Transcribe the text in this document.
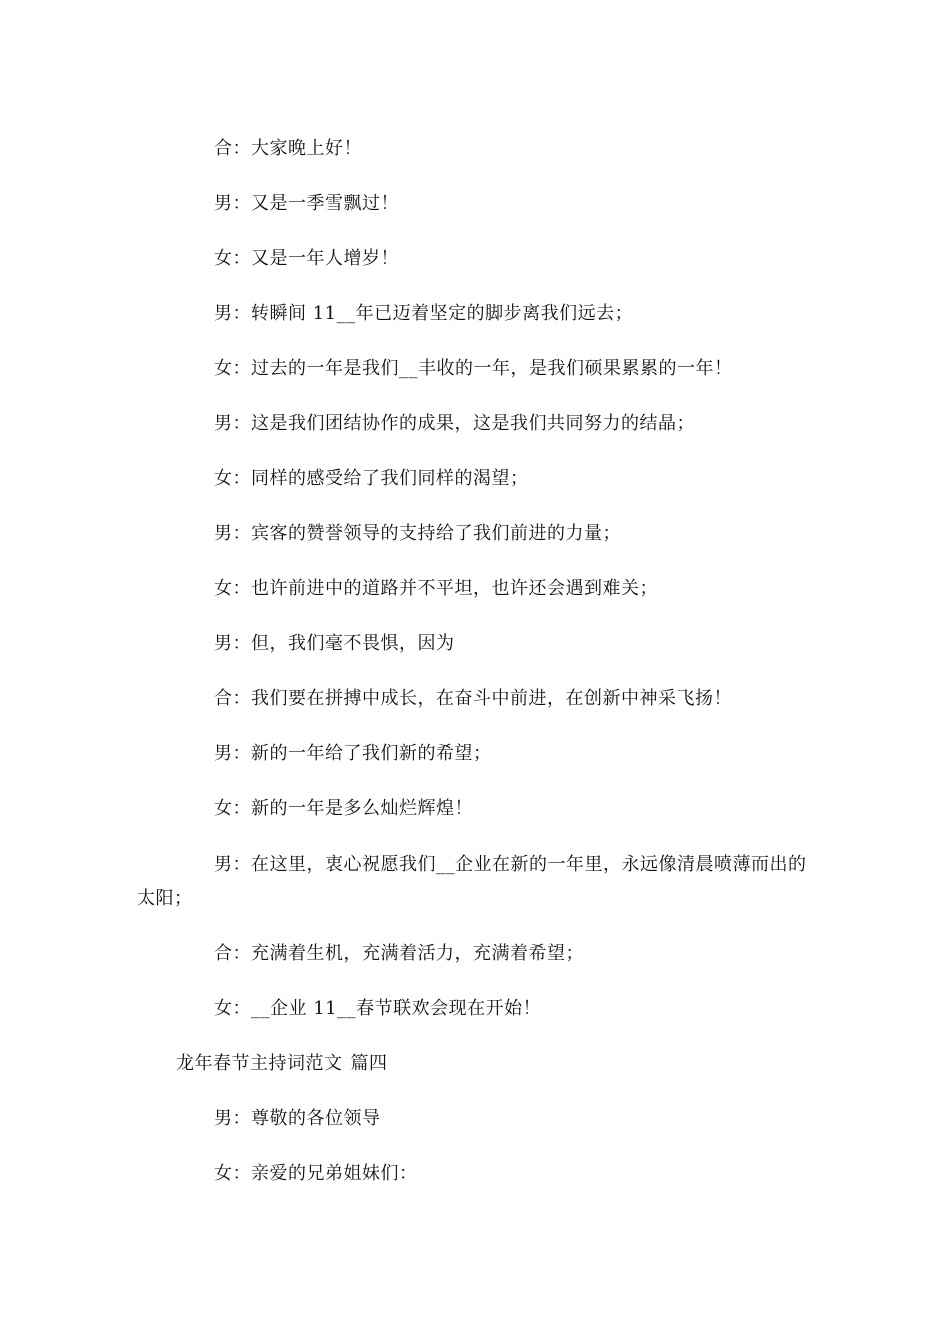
合：大家晚上好！
男：又是一季雪飘过！
女：又是一年人增岁！
男：转瞬间 11__年已迈着坚定的脚步离我们远去；
女：过去的一年是我们__丰收的一年，是我们硕果累累的一年！
男：这是我们团结协作的成果，这是我们共同努力的结晶；
女：同样的感受给了我们同样的渴望；
男：宾客的赞誉领导的支持给了我们前进的力量；
女：也许前进中的道路并不平坦，也许还会遇到难关；
男：但，我们毫不畏惧，因为
合：我们要在拼搏中成长，在奋斗中前进，在创新中神采飞扬！
男：新的一年给了我们新的希望；
女：新的一年是多么灿烂辉煌！
男：在这里，衷心祝愿我们__企业在新的一年里，永远像清晨喷薄而出的太阳；
合：充满着生机，充满着活力，充满着希望；
女：__企业 11__春节联欢会现在开始！
龙年春节主持词范文 篇四
男：尊敬的各位领导
女：亲爱的兄弟姐妹们：
